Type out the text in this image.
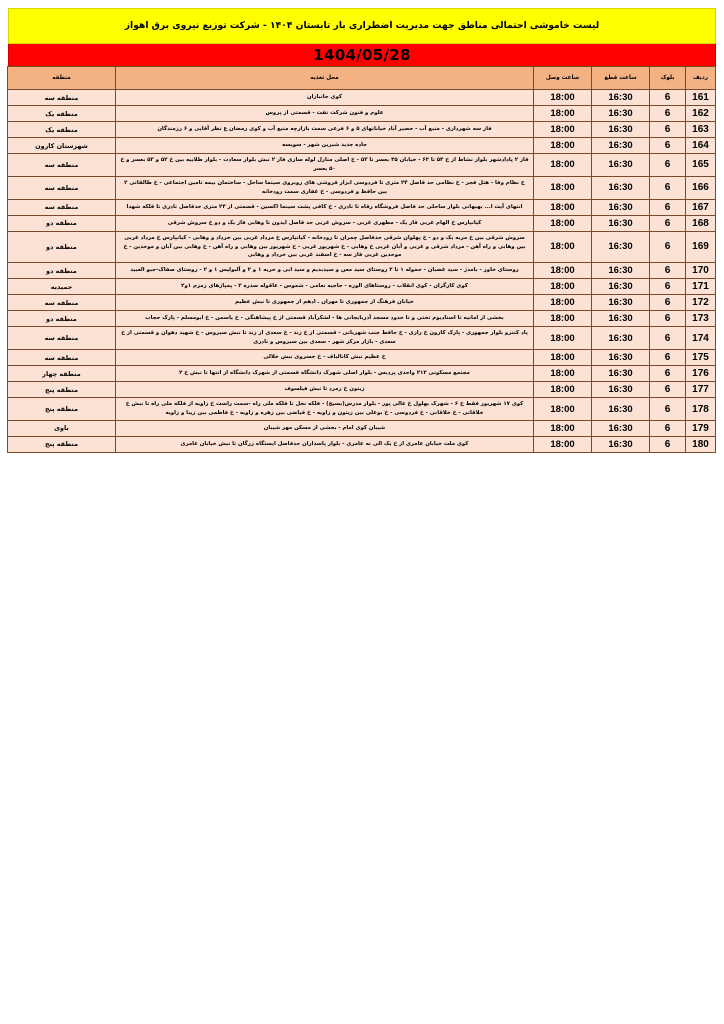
لیست خاموشی احتمالی مناطق جهت مدیریت اضطراری بار تابستان ۱۴۰۴ - شرکت توزیع نیروی برق اهواز
1404/05/28
ردیف	بلوک	ساعت قطع	ساعت وصل	محل تغذیه	منطقه
161	6	16:30	18:00	کوی جانبازان	منطقه سه
162	6	16:30	18:00	علوم و فنون شرکت نفت - قسمتی از پروس	منطقه یک
163	6	16:30	18:00	فاز سه شهرداری - منبع آب - حصیر آباد خیابانهای ۵ و ۶ فرعی سمت بازارچه منبع آب و کوی رمضان ع نظر آقایی و ۶ رزمندگان	منطقه یک
164	6	16:30	18:00	جاده جدید شیرین شهر - سویسه	شهرستان کارون
165	6	16:30	18:00	فاز ۲ پادادشهر بلوار نشاط از خ ۵۴ تا ۶۲ - خیابان ۴۵ بعسر تا ۵۳ - خ اصلی منازل لوله سازی فاز ۲ نبش بلوار سعادت - بلوار طلاییه بین خ ۵۲ و ۵۳ بعسر و خ ۵۰ بعسر	منطقه سه
166	6	16:30	18:00	خ نظام وفا - هتل فجر - خ نظامی حد فاصل ۲۴ متری تا فردوسی ابزار فروشی های روبروی سینما ساحل - ساختمان بیمه تامین اجتماعی - خ طالقانی ۲ بین حافظ و فردوسی - خ غفاری سمت رودخانه	منطقه سه
167	6	16:30	18:00	انتهای آیت ا... بهبهانی بلوار ساحلی حد فاصل فروشگاه رفاه تا نادری - خ کافی پشت سینما اکسین - قسمتی از ۲۴ متری حدفاصل نادری تا فلکه شهدا	منطقه سه
168	6	16:30	18:00	کیانپارس خ الهام غربی فاز یک - مطهری غربی - سروش غربی حد فاصل ایدون تا وهابی فاز یک و دو خ سروش شرقی	منطقه دو
169	6	16:30	18:00	سروش شرقی بین خ مربه یک و دو - خ پهلوان شرقی حدفاصل چمران تا رودخانه - کیانپارس خ مرداد غربی بین خرداد و وهابی - کیانپارس خ مرداد غربی بین وهابی و راه آهن - مرداد شرقی و غربی و آبان غربی خ وهابی - خ شهریور غربی - خ شهریور بین وهابی و راه آهن - خ وهابی بین آبان و موحدین - خ موحدین غربی فاز سه - خ اسفند غربی بین خرداد و وهابی	منطقه دو
170	6	16:30	18:00	روستای خاور - بامدژ - سید غضبان - حموله ۱ تا ۲ روستای سید معن و سیدبدیم و سید ابی و حریه ۱ و ۲ و آلبولیس ۱ و ۲ - روستای صفاک-جبو العبید	منطقه دو
171	6	16:30	18:00	کوی کارگران - کوی انقلاب - روستاهای الوزه - حاجیه نعامی - شموس - عاقوله سدره ۲ - پمپاژهای زمزم ۱و۲	حمیدیه
172	6	16:30	18:00	خیابان فرهنگ از جمهوری تا مهران ـ ادهم از جمهوری تا نبش عظیم	منطقه سه
173	6	16:30	18:00	بخشی از امانیه تا استادیوم تختی و تا حدود مسجد آذربایجانی ها - لشکرآباد قسمتی از خ پیشاهنگی - خ یاسمن - خ ابومسلم - پارک حجاب	منطقه دو
174	6	16:30	18:00	پاد کنترو بلوار جمهوری - پارک کارون خ رازی - خ حافظ جنب شهربانی - قسمتی از خ زند - خ سعدی از زند تا نبش سیروس - خ شهید دهوان و قسمتی از خ سعدی - بازار مرکز شهر - سعدی بین سیروس و نادری	منطقه سه
175	6	16:30	18:00	خ عظیم نبش کانالباف - خ خسروی نبش خلالی	منطقه سه
176	6	16:30	18:00	مجتمع مسکونی ۲۱۲ واحدی پردیس - بلوار اصلی شهرک دانشگاه قسمتی از شهرک دانشگاه از انتها تا نبش خ ۲	منطقه چهار
177	6	16:30	18:00	زیتون خ زمرد تا نبش فیلسوف	منطقه پنج
178	6	16:30	18:00	کوی ۱۷ شهریور فقط خ ۶ - شهرک بهلول خ عالی پور - بلوار مدرس(بسیج) - فلکه نخل تا فلکه ملی راه -سمت راست خ زاویه از فلکه ملی راه تا نبش خ خلاقانی - خ خلاقانی - خ فردوسی - خ بوعلی بین زیتون و زاویه - خ فیاضی بین زهره و زاویه - خ فاطمی بین زیبا و زاویه	منطقه پنج
179	6	16:30	18:00	شیبان کوی امام - بخشی از مسکن مهر شیبان	باوی
180	6	16:30	18:00	کوی ملت خیابان عامری از خ یک الی نه عامری - بلوار پاسداران حدفاصل ایستگاه زرگان تا نبش خیابان عامری	منطقه پنج
